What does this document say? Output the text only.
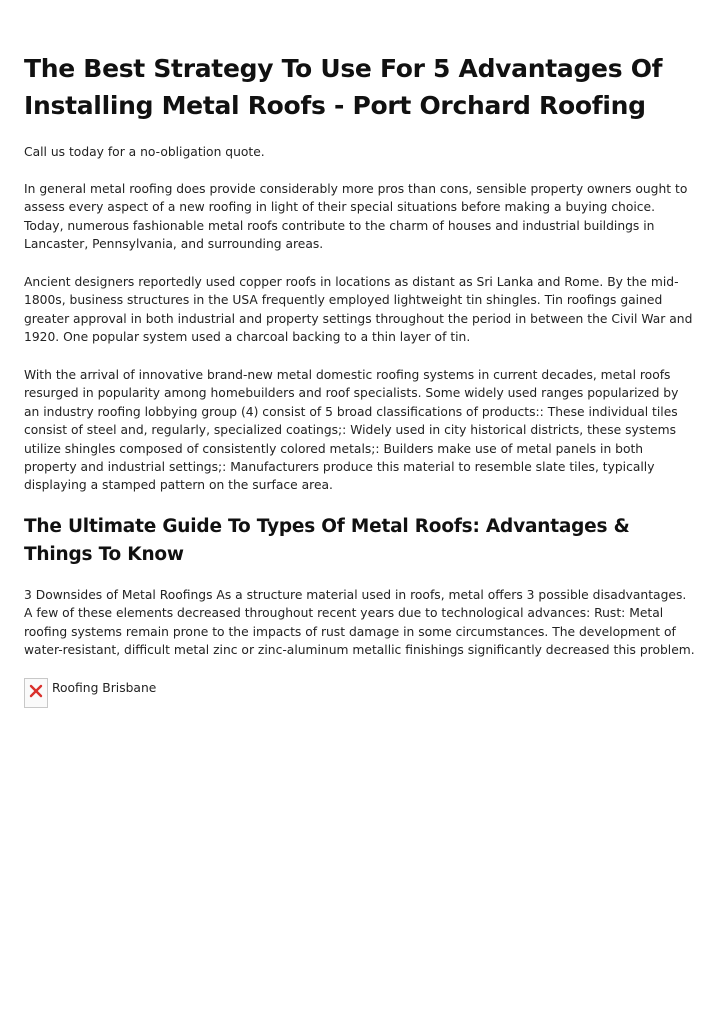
The Best Strategy To Use For 5 Advantages Of Installing Metal Roofs - Port Orchard Roofing

Call us today for a no-obligation quote.

In general metal roofing does provide considerably more pros than cons, sensible property owners ought to assess every aspect of a new roofing in light of their special situations before making a buying choice. Today, numerous fashionable metal roofs contribute to the charm of houses and industrial buildings in Lancaster, Pennsylvania, and surrounding areas.

Ancient designers reportedly used copper roofs in locations as distant as Sri Lanka and Rome. By the mid-1800s, business structures in the USA frequently employed lightweight tin shingles. Tin roofings gained greater approval in both industrial and property settings throughout the period in between the Civil War and 1920. One popular system used a charcoal backing to a thin layer of tin.

With the arrival of innovative brand-new metal domestic roofing systems in current decades, metal roofs resurged in popularity among homebuilders and roof specialists. Some widely used ranges popularized by an industry roofing lobbying group (4) consist of 5 broad classifications of products:: These individual tiles consist of steel and, regularly, specialized coatings;: Widely used in city historical districts, these systems utilize shingles composed of consistently colored metals;: Builders make use of metal panels in both property and industrial settings;: Manufacturers produce this material to resemble slate tiles, typically displaying a stamped pattern on the surface area.

The Ultimate Guide To Types Of Metal Roofs: Advantages & Things To Know

3 Downsides of Metal Roofings As a structure material used in roofs, metal offers 3 possible disadvantages. A few of these elements decreased throughout recent years due to technological advances: Rust: Metal roofing systems remain prone to the impacts of rust damage in some circumstances. The development of water-resistant, difficult metal zinc or zinc-aluminum metallic finishings significantly decreased this problem.

Roofing Brisbane
